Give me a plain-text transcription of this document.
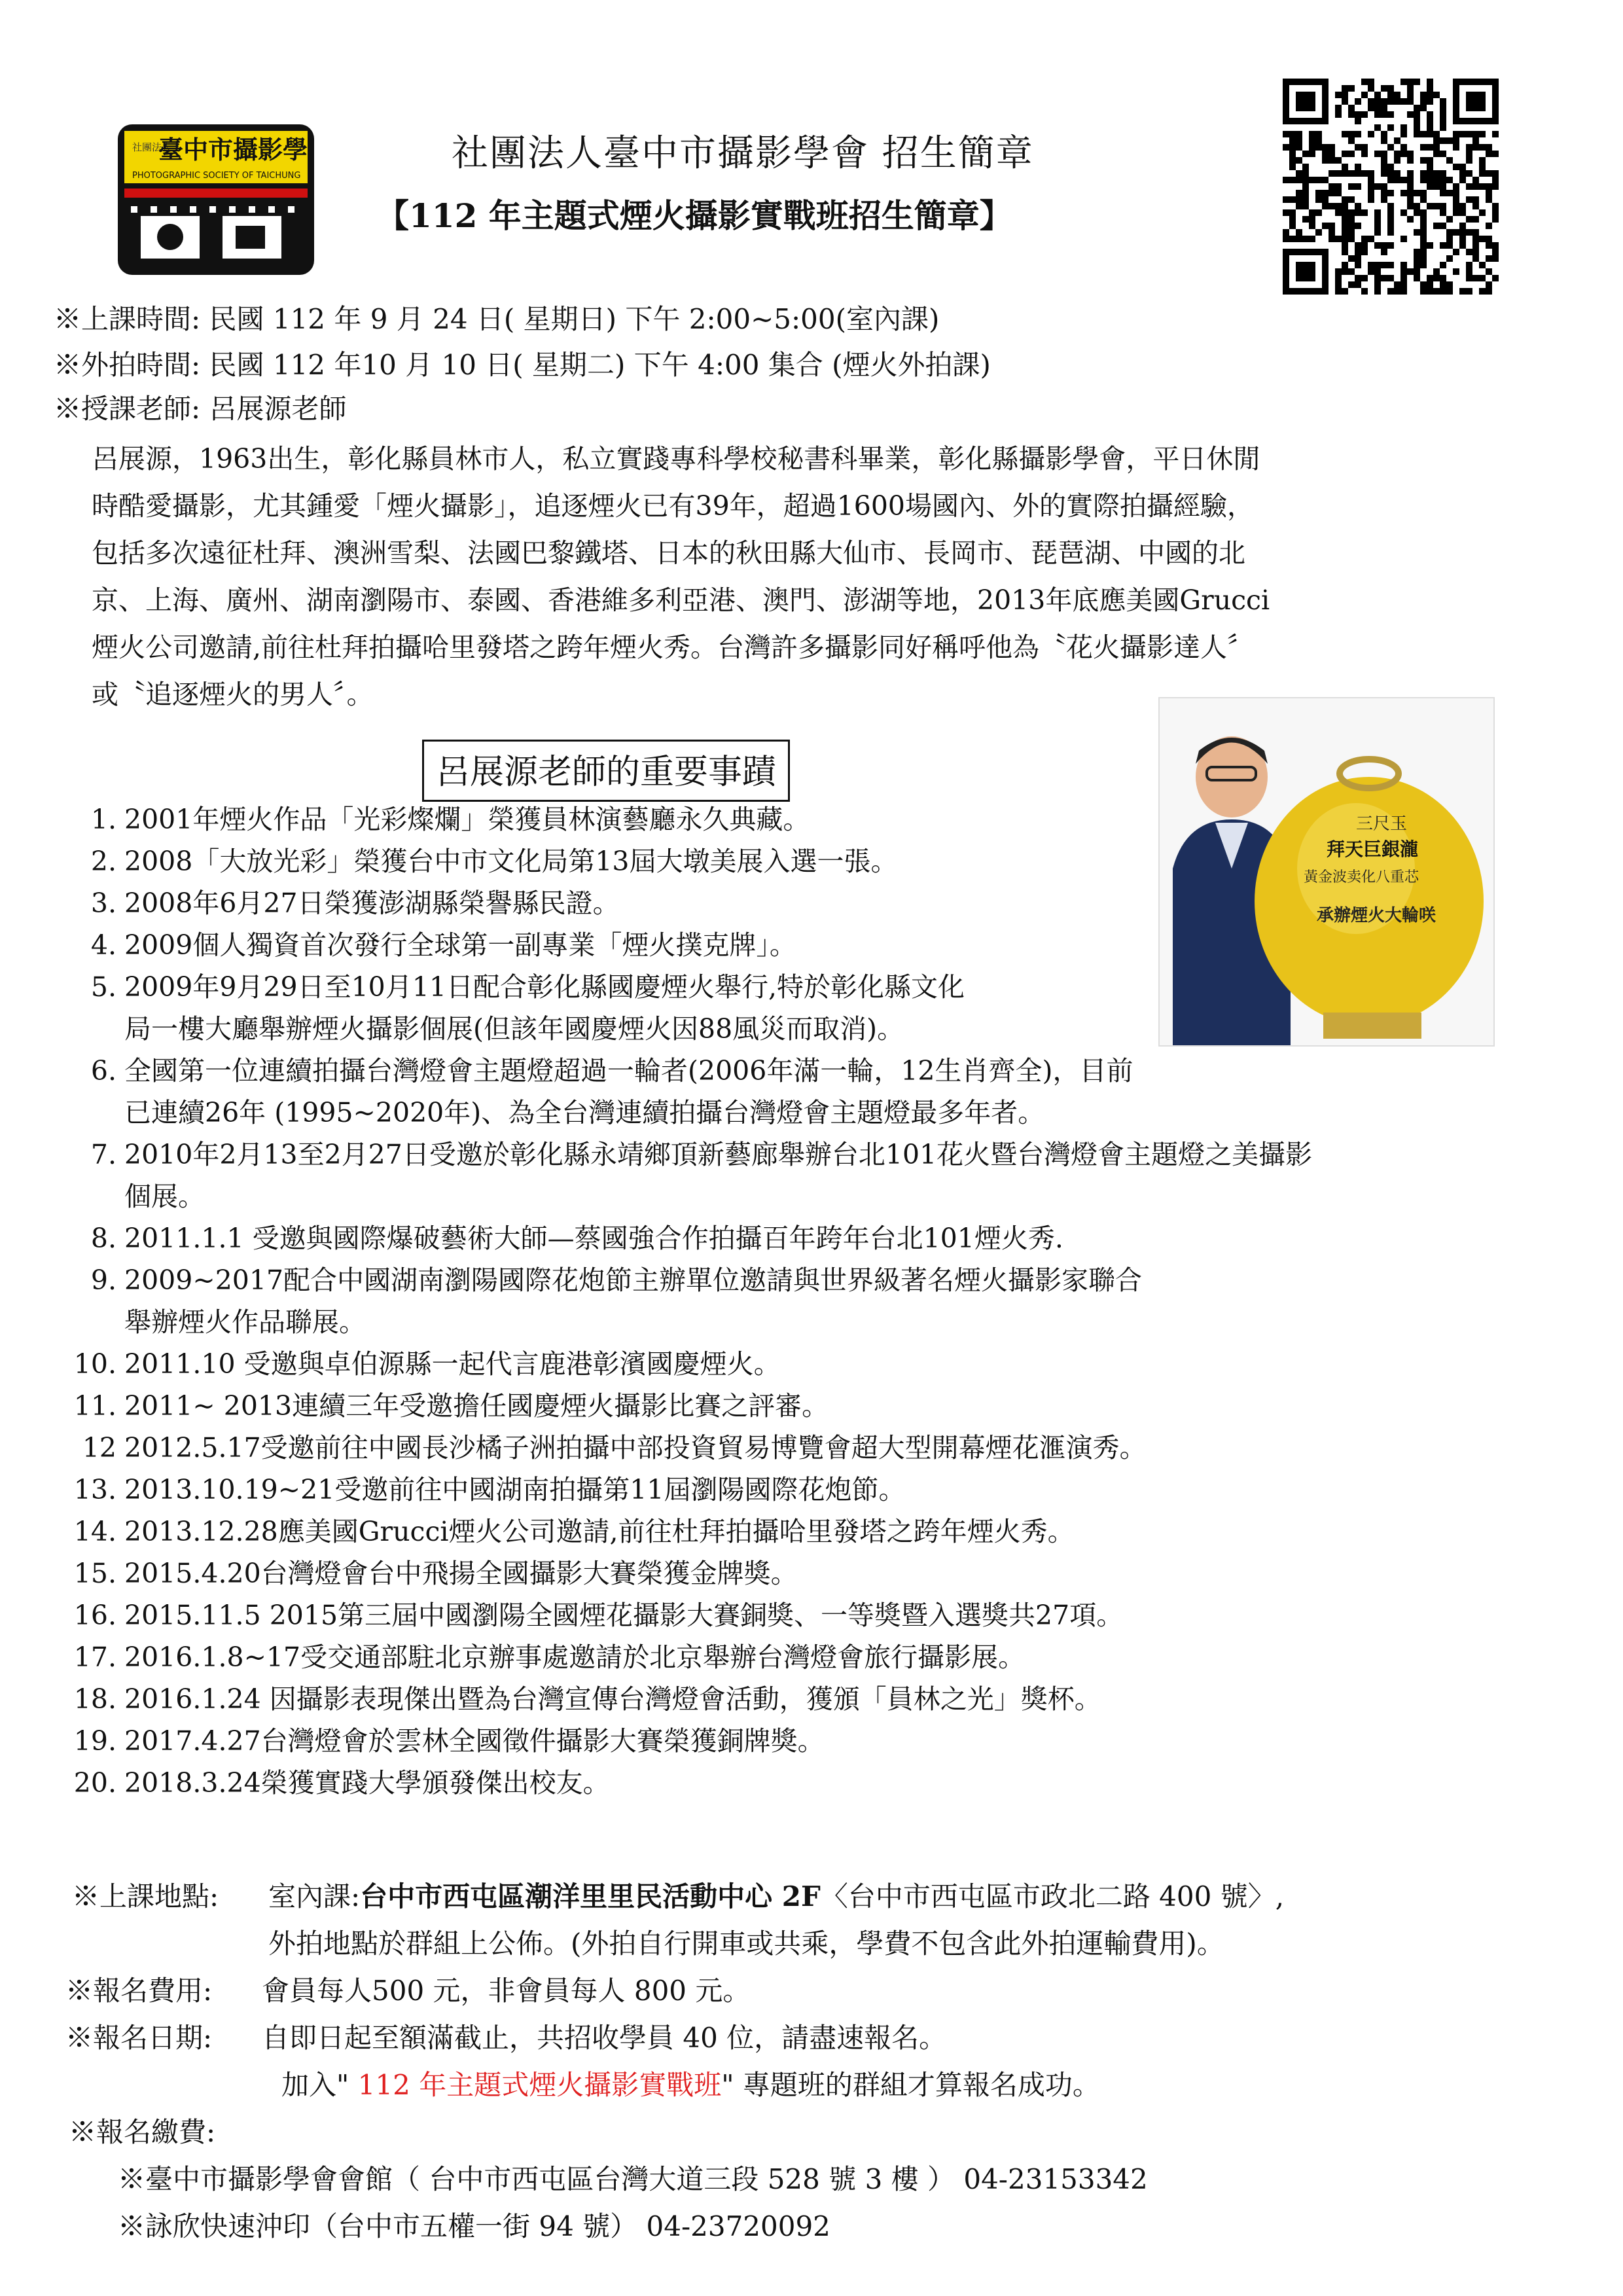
社團法人
臺中市攝影學
PHOTOGRAPHIC SOCIETY OF TAICHUNG
社團法人臺中市攝影學會 招生簡章
【112 年主題式煙火攝影實戰班招生簡章】
※上課時間: 民國 112 年 9 月 24 日( 星期日) 下午 2:00~5:00(室內課)
※外拍時間: 民國 112 年10 月 10 日( 星期二) 下午 4:00 集合 (煙火外拍課)
※授課老師: 呂展源老師

呂展源，1963出生，彰化縣員林市人，私立實踐專科學校秘書科畢業，彰化縣攝影學會，平日休閒

時酷愛攝影，尤其鍾愛「煙火攝影」，追逐煙火已有39年，超過1600場國內、外的實際拍攝經驗，

包括多次遠征杜拜、澳洲雪梨、法國巴黎鐵塔、日本的秋田縣大仙市、長岡市、琵琶湖、中國的北

京、上海、廣州、湖南瀏陽市、泰國、香港維多利亞港、澳門、澎湖等地，2013年底應美國Grucci

煙火公司邀請,前往杜拜拍攝哈里發塔之跨年煙火秀。台灣許多攝影同好稱呼他為〝花火攝影達人〞

或〝追逐煙火的男人〞。

三尺玉
拜天巨銀瀧
黃金波卖化八重芯
承辦煙火大輪咲
呂展源老師的重要事蹟
1. 2001年煙火作品「光彩燦爛」榮獲員林演藝廳永久典藏。
2. 2008「大放光彩」榮獲台中市文化局第13屆大墩美展入選一張。
3. 2008年6月27日榮獲澎湖縣榮譽縣民證。
4. 2009個人獨資首次發行全球第一副專業「煙火撲克牌」。
5. 2009年9月29日至10月11日配合彰化縣國慶煙火舉行,特於彰化縣文化
局一樓大廳舉辦煙火攝影個展(但該年國慶煙火因88風災而取消)。
6. 全國第一位連續拍攝台灣燈會主題燈超過一輪者(2006年滿一輪，12生肖齊全)，目前
已連續26年 (1995~2020年)、為全台灣連續拍攝台灣燈會主題燈最多年者。
7. 2010年2月13至2月27日受邀於彰化縣永靖鄉頂新藝廊舉辦台北101花火暨台灣燈會主題燈之美攝影
個展。
8. 2011.1.1 受邀與國際爆破藝術大師—蔡國強合作拍攝百年跨年台北101煙火秀.
9. 2009~2017配合中國湖南瀏陽國際花炮節主辦單位邀請與世界級著名煙火攝影家聯合
舉辦煙火作品聯展。
10. 2011.10 受邀與卓伯源縣一起代言鹿港彰濱國慶煙火。
11. 2011~ 2013連續三年受邀擔任國慶煙火攝影比賽之評審。
12 2012.5.17受邀前往中國長沙橘子洲拍攝中部投資貿易博覽會超大型開幕煙花滙演秀。
13. 2013.10.19~21受邀前往中國湖南拍攝第11屆瀏陽國際花炮節。
14. 2013.12.28應美國Grucci煙火公司邀請,前往杜拜拍攝哈里發塔之跨年煙火秀。
15. 2015.4.20台灣燈會台中飛揚全國攝影大賽榮獲金牌獎。
16. 2015.11.5 2015第三屆中國瀏陽全國煙花攝影大賽銅獎、一等獎暨入選獎共27項。
17. 2016.1.8~17受交通部駐北京辦事處邀請於北京舉辦台灣燈會旅行攝影展。
18. 2016.1.24 因攝影表現傑出暨為台灣宣傳台灣燈會活動，獲頒「員林之光」獎杯。
19. 2017.4.27台灣燈會於雲林全國徵件攝影大賽榮獲銅牌獎。
20. 2018.3.24榮獲實踐大學頒發傑出校友。
※上課地點: 室內課:台中市西屯區潮洋里里民活動中心 2F〈台中市西屯區市政北二路 400 號〉,
外拍地點於群組上公佈。(外拍自行開車或共乘，學費不包含此外拍運輸費用)。
※報名費用: 會員每人500 元，非會員每人 800 元。
※報名日期: 自即日起至額滿截止，共招收學員 40 位，請盡速報名。
加入" 112 年主題式煙火攝影實戰班" 專題班的群組才算報名成功。
※報名繳費:
※臺中市攝影學會會館（ 台中市西屯區台灣大道三段 528 號 3 樓 ） 04-23153342
※詠欣快速沖印（台中市五權一街 94 號） 04-23720092
